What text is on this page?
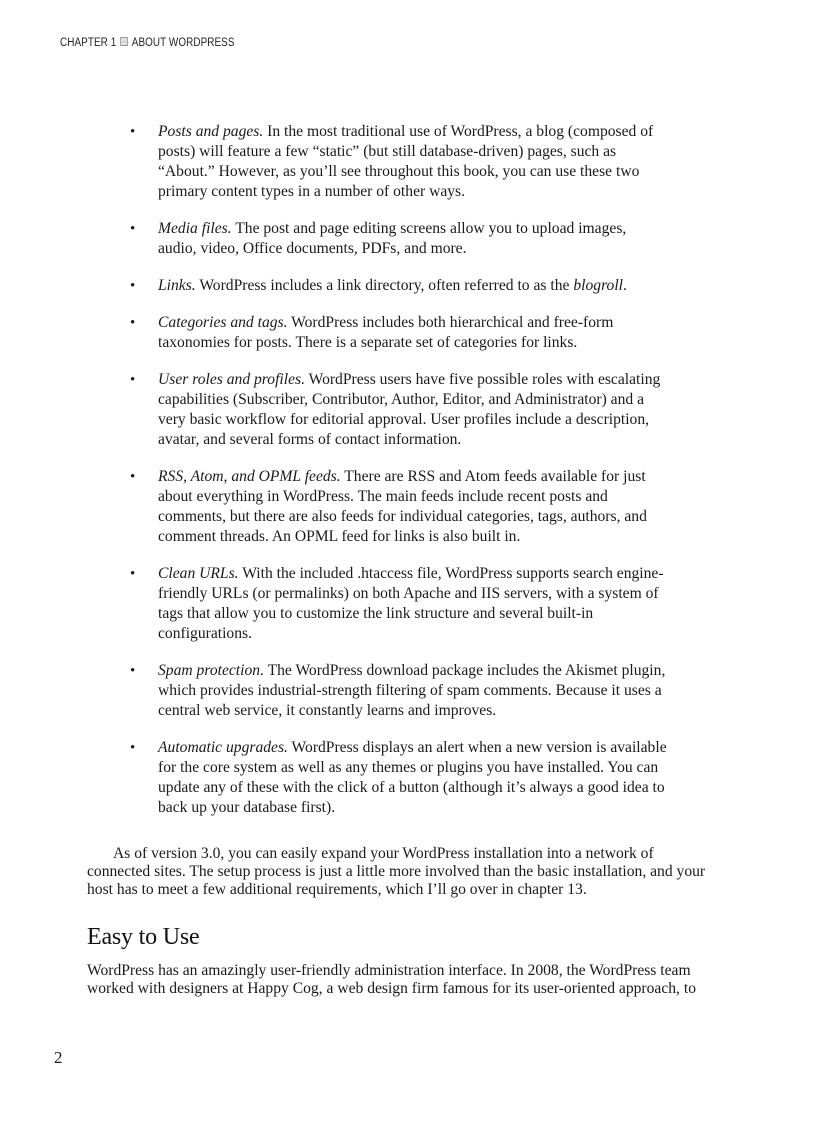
CHAPTER 1 ABOUT WORDPRESS
• Posts and pages. In the most traditional use of WordPress, a blog (composed of posts) will feature a few “static” (but still database-driven) pages, such as “About.” However, as you’ll see throughout this book, you can use these two primary content types in a number of other ways.
• Media files. The post and page editing screens allow you to upload images, audio, video, Office documents, PDFs, and more.
• Links. WordPress includes a link directory, often referred to as the blogroll.
• Categories and tags. WordPress includes both hierarchical and free-form taxonomies for posts. There is a separate set of categories for links.
• User roles and profiles. WordPress users have five possible roles with escalating capabilities (Subscriber, Contributor, Author, Editor, and Administrator) and a very basic workflow for editorial approval. User profiles include a description, avatar, and several forms of contact information.
• RSS, Atom, and OPML feeds. There are RSS and Atom feeds available for just about everything in WordPress. The main feeds include recent posts and comments, but there are also feeds for individual categories, tags, authors, and comment threads. An OPML feed for links is also built in.
• Clean URLs. With the included .htaccess file, WordPress supports search engine-friendly URLs (or permalinks) on both Apache and IIS servers, with a system of tags that allow you to customize the link structure and several built-in configurations.
• Spam protection. The WordPress download package includes the Akismet plugin, which provides industrial-strength filtering of spam comments. Because it uses a central web service, it constantly learns and improves.
• Automatic upgrades. WordPress displays an alert when a new version is available for the core system as well as any themes or plugins you have installed. You can update any of these with the click of a button (although it’s always a good idea to back up your database first).

As of version 3.0, you can easily expand your WordPress installation into a network of connected sites. The setup process is just a little more involved than the basic installation, and your host has to meet a few additional requirements, which I’ll go over in chapter 13.

Easy to Use

WordPress has an amazingly user-friendly administration interface. In 2008, the WordPress team worked with designers at Happy Cog, a web design firm famous for its user-oriented approach, to

2
